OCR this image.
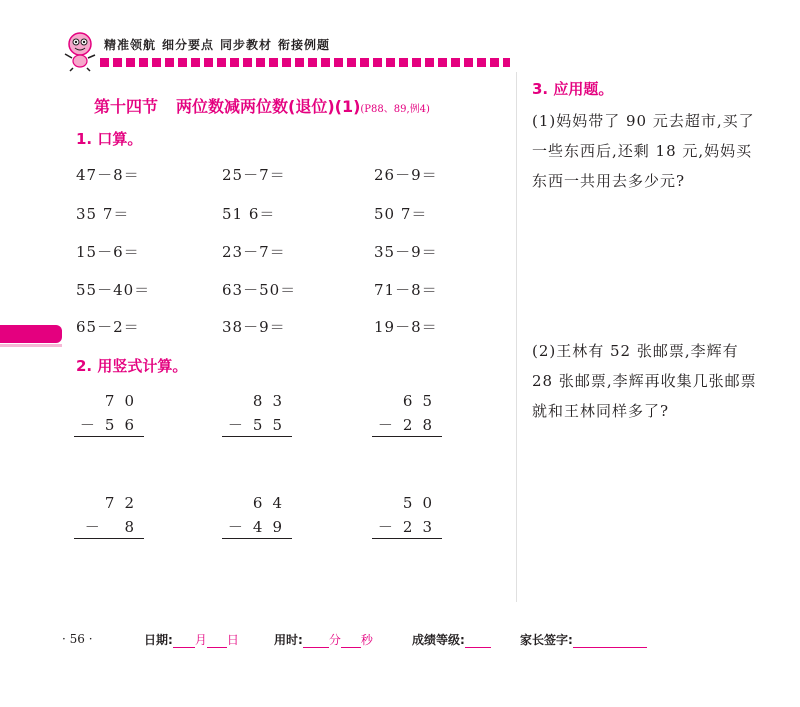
精准领航 细分要点 同步教材 衔接例题
第十四节 两位数减两位数(退位)(1)(P88、89,例4)
1. 口算。
47－8＝	25－7＝	26－9＝
35 7＝	51 6＝	50 7＝
15－6＝	23－7＝	35－9＝
55－40＝	63－50＝	71－8＝
65－2＝	38－9＝	19－8＝
2. 用竖式计算。
70
－56
83
－55
65
－28
72
－ 8
64
－49
50
－23
3. 应用题。
(1)妈妈带了 90 元去超市,买了一些东西后,还剩 18 元,妈妈买东西一共用去多少元?
(2)王林有 52 张邮票,李辉有 28 张邮票,李辉再收集几张邮票就和王林同样多了?
· 56 ·	日期: 月 日	用时: 分 秒	成绩等级:	家长签字:
